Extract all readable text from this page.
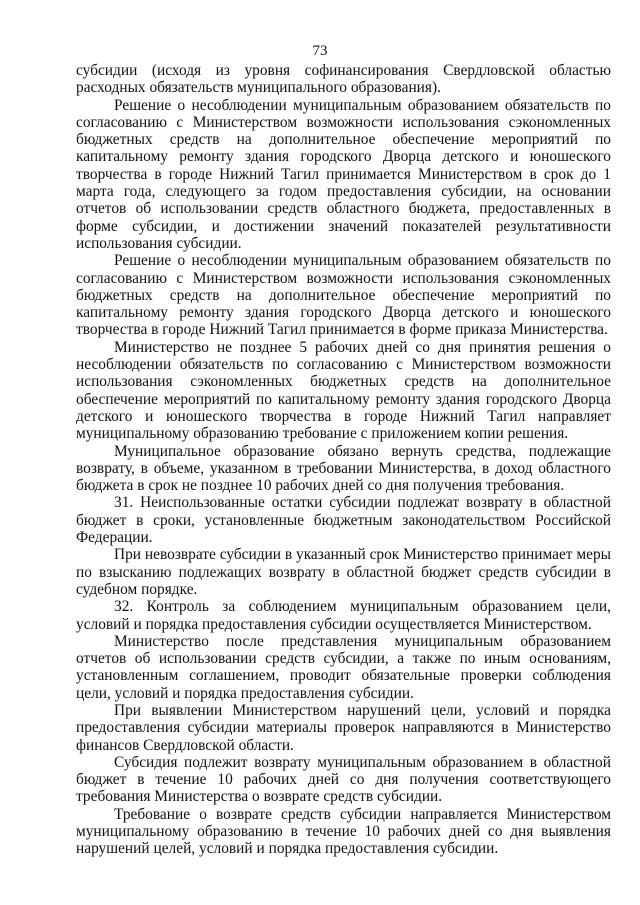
73

субсидии (исходя из уровня софинансирования Свердловской областью расходных обязательств муниципального образования).

Решение о несоблюдении муниципальным образованием обязательств по согласованию с Министерством возможности использования сэкономленных бюджетных средств на дополнительное обеспечение мероприятий по капитальному ремонту здания городского Дворца детского и юношеского творчества в городе Нижний Тагил принимается Министерством в срок до 1 марта года, следующего за годом предоставления субсидии, на основании отчетов об использовании средств областного бюджета, предоставленных в форме субсидии, и достижении значений показателей результативности использования субсидии.

Решение о несоблюдении муниципальным образованием обязательств по согласованию с Министерством возможности использования сэкономленных бюджетных средств на дополнительное обеспечение мероприятий по капитальному ремонту здания городского Дворца детского и юношеского творчества в городе Нижний Тагил принимается в форме приказа Министерства.

Министерство не позднее 5 рабочих дней со дня принятия решения о несоблюдении обязательств по согласованию с Министерством возможности использования сэкономленных бюджетных средств на дополнительное обеспечение мероприятий по капитальному ремонту здания городского Дворца детского и юношеского творчества в городе Нижний Тагил направляет муниципальному образованию требование с приложением копии решения.

Муниципальное образование обязано вернуть средства, подлежащие возврату, в объеме, указанном в требовании Министерства, в доход областного бюджета в срок не позднее 10 рабочих дней со дня получения требования.

31. Неиспользованные остатки субсидии подлежат возврату в областной бюджет в сроки, установленные бюджетным законодательством Российской Федерации.

При невозврате субсидии в указанный срок Министерство принимает меры по взысканию подлежащих возврату в областной бюджет средств субсидии в судебном порядке.

32. Контроль за соблюдением муниципальным образованием цели, условий и порядка предоставления субсидии осуществляется Министерством.

Министерство после представления муниципальным образованием отчетов об использовании средств субсидии, а также по иным основаниям, установленным соглашением, проводит обязательные проверки соблюдения цели, условий и порядка предоставления субсидии.

При выявлении Министерством нарушений цели, условий и порядка предоставления субсидии материалы проверок направляются в Министерство финансов Свердловской области.

Субсидия подлежит возврату муниципальным образованием в областной бюджет в течение 10 рабочих дней со дня получения соответствующего требования Министерства о возврате средств субсидии.

Требование о возврате средств субсидии направляется Министерством муниципальному образованию в течение 10 рабочих дней со дня выявления нарушений целей, условий и порядка предоставления субсидии.
